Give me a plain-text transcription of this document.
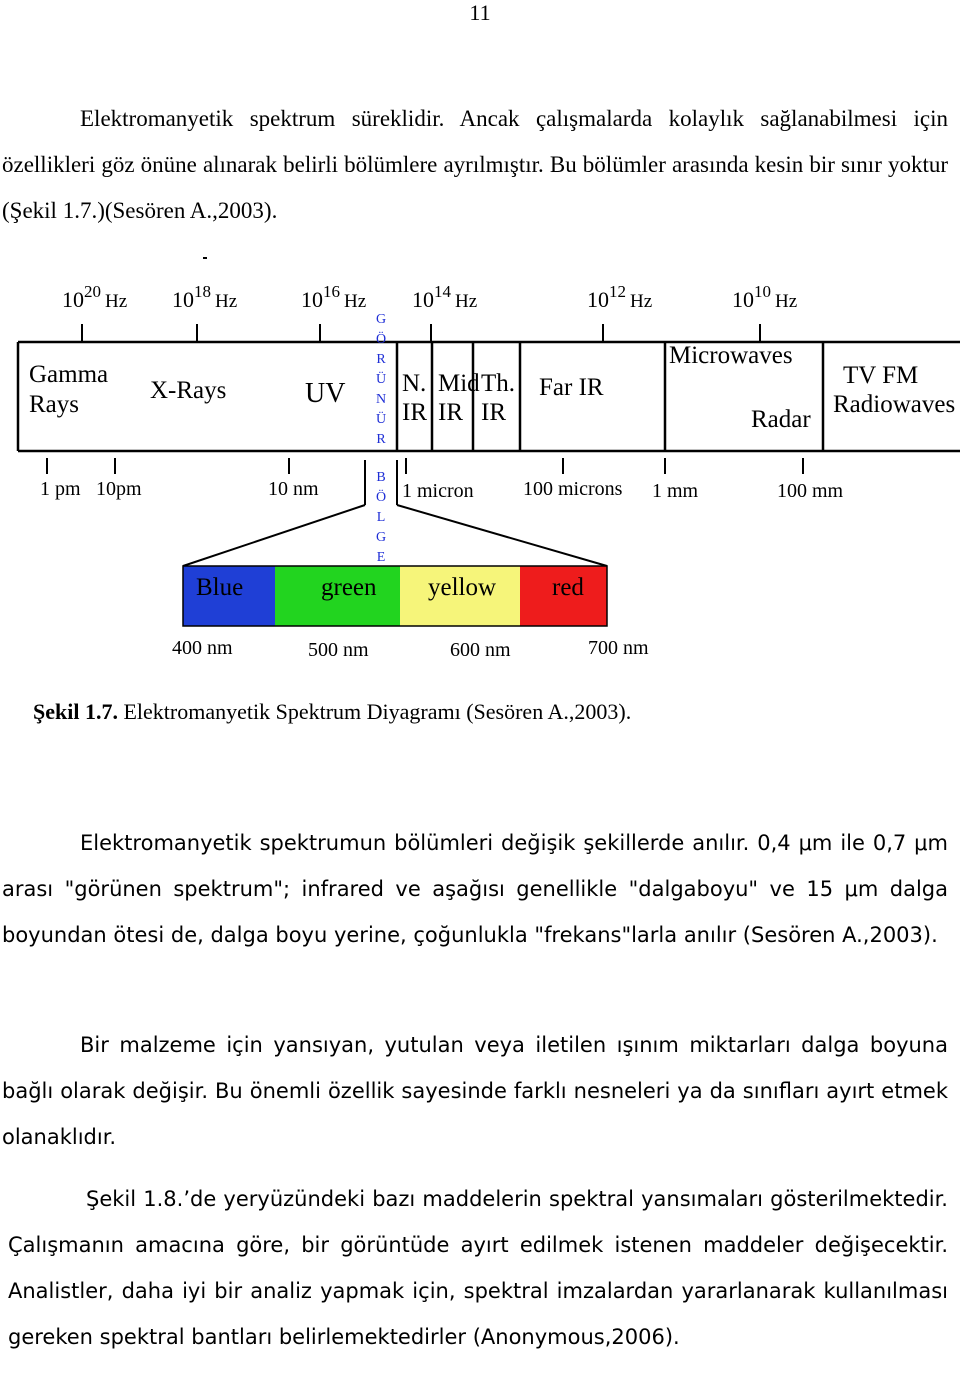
11

Elektromanyetik spektrum süreklidir. Ancak çalışmalarda kolaylık sağlanabilmesi için özellikleri göz önüne alınarak belirli bölümlere ayrılmıştır. Bu bölümler arasında kesin bir sınır yoktur (Şekil 1.7.)(Sesören A.,2003).

$10^{20}$ Hz $10^{18}$ Hz	$10^{16}$ Hz $10^{14}$ Hz	$10^{12}$ Hz	$10^{10}$ Hz
Gamma
Rays
X-Rays	UV N.
IR
Mid
IR
Th.
IR
Far IR
Microwaves
Radar
TV FM
Radiowaves
G
Ö
R
Ü
N
Ü
R
1 pm 10pm	10 nm	1 micron 100 microns 1 mm	100 mm
B
Ö
L
G
E
Blue	green yellow red
400 nm	500 nm	600 nm	700 nm
Şekil 1.7. Elektromanyetik Spektrum Diyagramı (Sesören A.,2003).

Elektromanyetik spektrumun bölümleri değişik şekillerde anılır. 0,4 μm ile 0,7 μm arası "görünen spektrum"; infrared ve aşağısı genellikle "dalgaboyu" ve 15 μm dalga boyundan ötesi de, dalga boyu yerine, çoğunlukla "frekans"larla anılır (Sesören A.,2003).

Bir malzeme için yansıyan, yutulan veya iletilen ışınım miktarları dalga boyuna bağlı olarak değişir. Bu önemli özellik sayesinde farklı nesneleri ya da sınıfları ayırt etmek olanaklıdır.

Şekil 1.8.’de yeryüzündeki bazı maddelerin spektral yansımaları gösterilmektedir. Çalışmanın amacına göre, bir görüntüde ayırt edilmek istenen maddeler değişecektir. Analistler, daha iyi bir analiz yapmak için, spektral imzalardan yararlanarak kullanılması gereken spektral bantları belirlemektedirler (Anonymous,2006).
